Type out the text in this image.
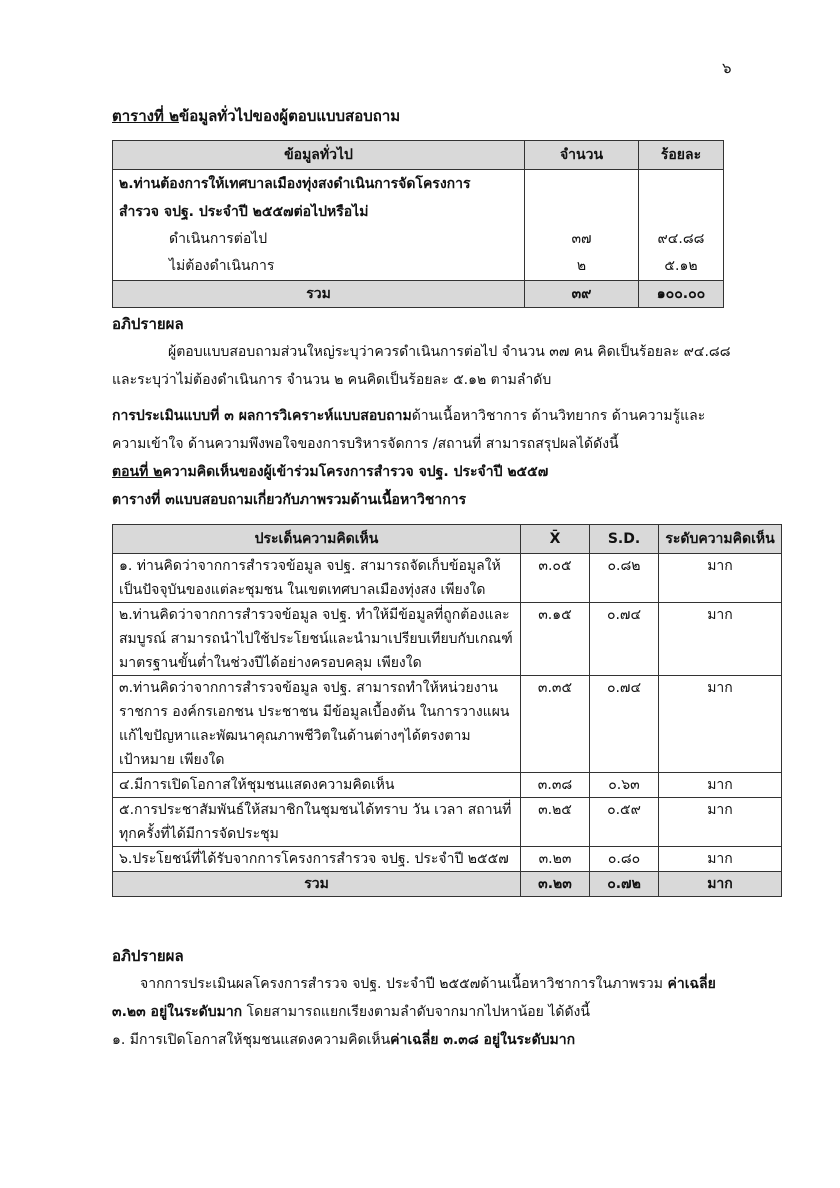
๖
ตารางที่ ๒ข้อมูลทั่วไปของผู้ตอบแบบสอบถาม
ข้อมูลทั่วไป	จำนวน	ร้อยละ

๒.ท่านต้องการให้เทศบาลเมืองทุ่งสงดำเนินการจัดโครงการ
สำรวจ จปฐ. ประจำปี ๒๕๕๗ต่อไปหรือไม่		

ดำเนินการต่อไป	๓๗	๙๔.๘๘
ไม่ต้องดำเนินการ	๒	๕.๑๒
รวม	๓๙	๑๐๐.๐๐
อภิปรายผล
ผู้ตอบแบบสอบถามส่วนใหญ่ระบุว่าควรดำเนินการต่อไป จำนวน ๓๗ คน คิดเป็นร้อยละ ๙๔.๘๘
และระบุว่าไม่ต้องดำเนินการ จำนวน ๒ คนคิดเป็นร้อยละ ๕.๑๒ ตามลำดับ
การประเมินแบบที่ ๓ ผลการวิเคราะห์แบบสอบถามด้านเนื้อหาวิชาการ ด้านวิทยากร ด้านความรู้และ
ความเข้าใจ ด้านความพึงพอใจของการบริหารจัดการ /สถานที่ สามารถสรุปผลได้ดังนี้
ตอนที่ ๒ความคิดเห็นของผู้เข้าร่วมโครงการสำรวจ จปฐ. ประจำปี ๒๕๕๗
ตารางที่ ๓แบบสอบถามเกี่ยวกับภาพรวมด้านเนื้อหาวิชาการ
ประเด็นความคิดเห็น	X̄	S.D.	ระดับความคิดเห็น

๑. ท่านคิดว่าจากการสำรวจข้อมูล จปฐ. สามารถจัดเก็บข้อมูลให้
เป็นปัจจุบันของแต่ละชุมชน ในเขตเทศบาลเมืองทุ่งสง เพียงใด	๓.๐๕	๐.๘๒	มาก

๒.ท่านคิดว่าจากการสำรวจข้อมูล จปฐ. ทำให้มีข้อมูลที่ถูกต้องและ
สมบูรณ์ สามารถนำไปใช้ประโยชน์และนำมาเปรียบเทียบกับเกณฑ์
มาตรฐานขั้นต่ำในช่วงปีได้อย่างครอบคลุม เพียงใด	๓.๑๕	๐.๗๔	มาก

๓.ท่านคิดว่าจากการสำรวจข้อมูล จปฐ. สามารถทำให้หน่วยงาน
ราชการ องค์กรเอกชน ประชาชน มีข้อมูลเบื้องต้น ในการวางแผน
แก้ไขปัญหาและพัฒนาคุณภาพชีวิตในด้านต่างๆได้ตรงตาม
เป้าหมาย เพียงใด	๓.๓๕	๐.๗๔	มาก

๔.มีการเปิดโอกาสให้ชุมชนแสดงความคิดเห็น	๓.๓๘	๐.๖๓	มาก

๕.การประชาสัมพันธ์ให้สมาชิกในชุมชนได้ทราบ วัน เวลา สถานที่
ทุกครั้งที่ได้มีการจัดประชุม	๓.๒๕	๐.๕๙	มาก

๖.ประโยชน์ที่ได้รับจากการโครงการสำรวจ จปฐ. ประจำปี ๒๕๕๗	๓.๒๓	๐.๘๐	มาก
รวม	๓.๒๓	๐.๗๒	มาก
อภิปรายผล
จากการประเมินผลโครงการสำรวจ จปฐ. ประจำปี ๒๕๕๗ด้านเนื้อหาวิชาการในภาพรวม ค่าเฉลี่ย
๓.๒๓ อยู่ในระดับมาก โดยสามารถแยกเรียงตามลำดับจากมากไปหาน้อย ได้ดังนี้
๑. มีการเปิดโอกาสให้ชุมชนแสดงความคิดเห็นค่าเฉลี่ย ๓.๓๘ อยู่ในระดับมาก
